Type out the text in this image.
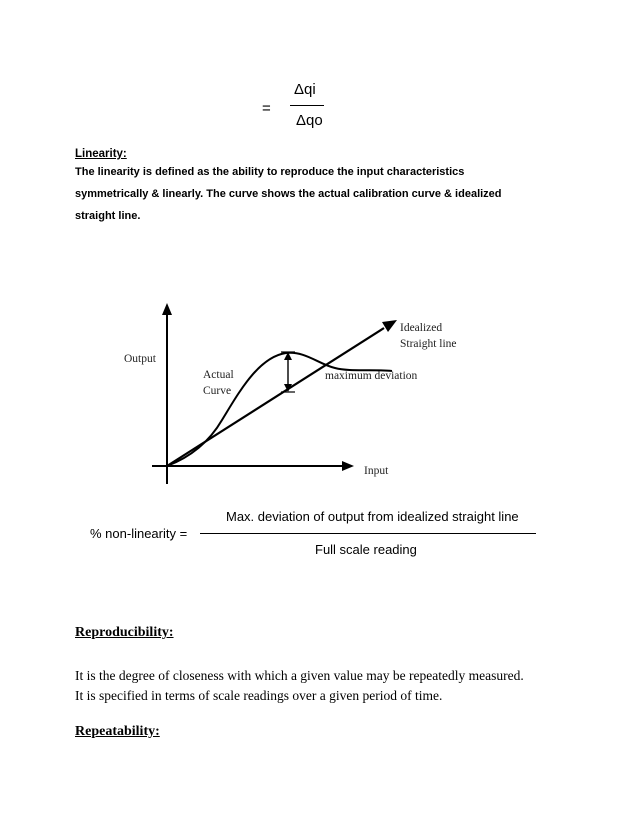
=
Δqi
Δqo
Linearity:
The linearity is defined as the ability to reproduce the input characteristics
symmetrically & linearly. The curve shows the actual calibration curve & idealized
straight line.
Output
Input
Actual
Curve
Idealized
Straight line
maximum deviation
% non-linearity =
Max. deviation of output from idealized straight line
Full scale reading
Reproducibility:
It is the degree of closeness with which a given value may be repeatedly measured.
It is specified in terms of scale readings over a given period of time.
Repeatability:
